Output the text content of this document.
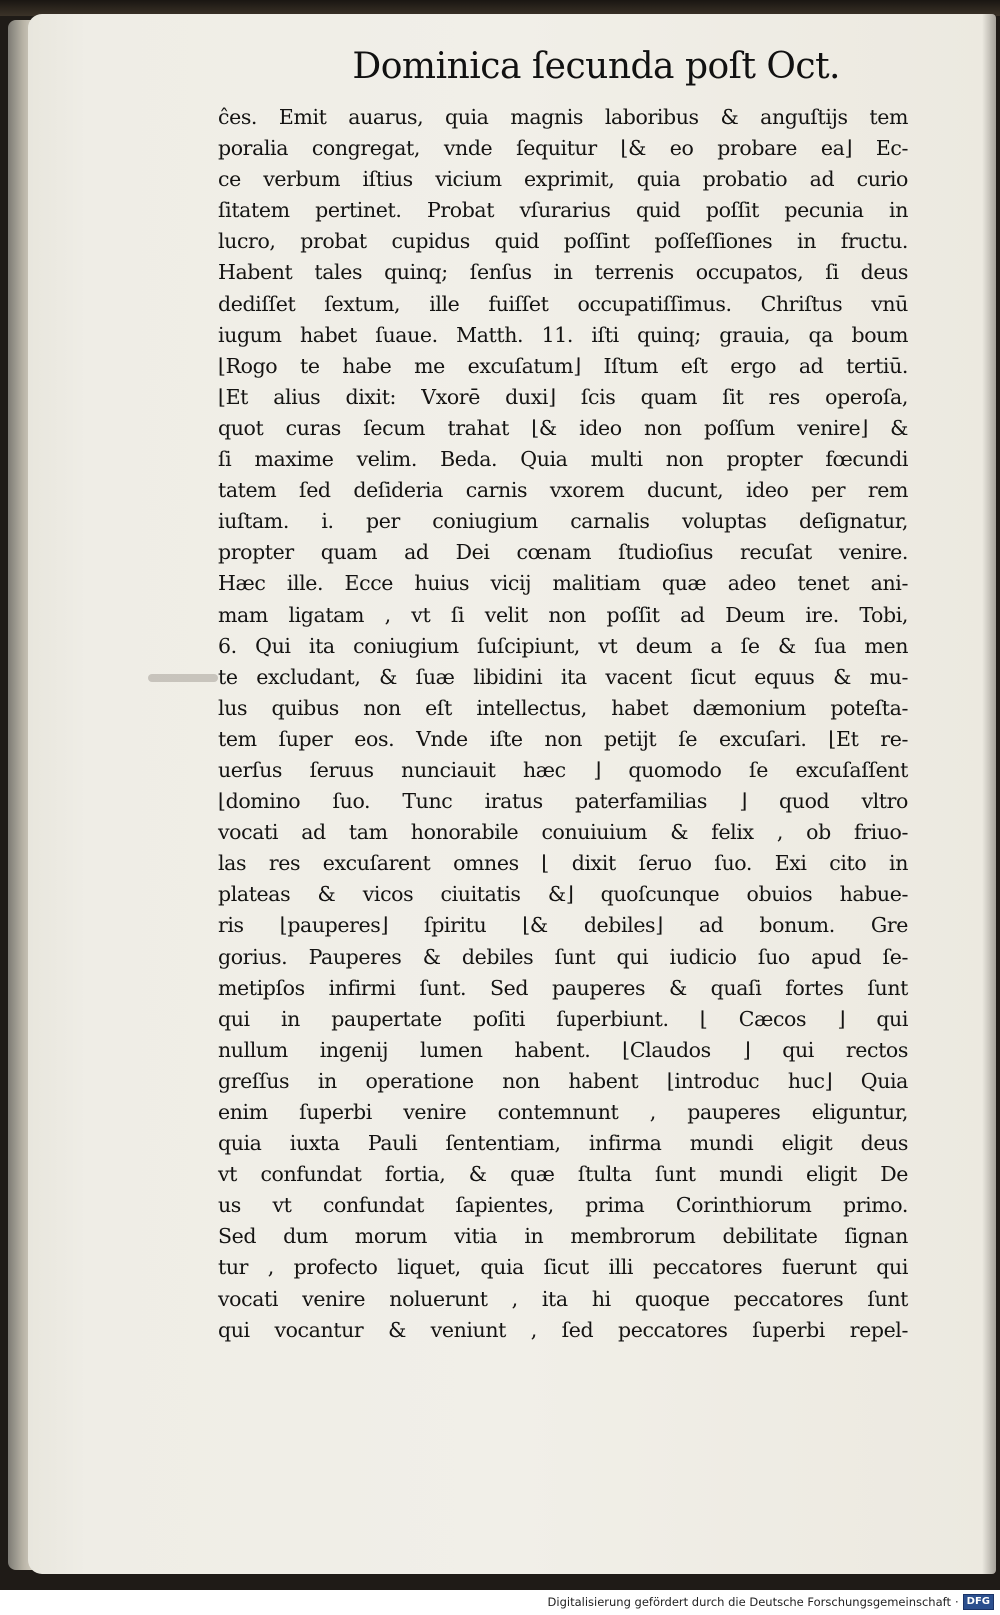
Dominica ſecunda poſt Oct.
ĉes. Emit auarus, quia magnis laboribus & anguſtijs tem
poralia congregat, vnde ſequitur ⌊& eo probare ea⌋ Ec-
ce verbum iſtius vicium exprimit, quia probatio ad curio
ſitatem pertinet. Probat vſurarius quid poſſit pecunia in
lucro, probat cupidus quid poſſint poſſeſſiones in fructu.
Habent tales quinq; ſenſus in terrenis occupatos, ſi deus
dediſſet ſextum, ille fuiſſet occupatiſſimus. Chriſtus vnū
iugum habet ſuaue. Matth. 11. iſti quinq; grauia, qa boum
⌊Rogo te habe me excuſatum⌋ Iſtum eſt ergo ad tertiū.
⌊Et alius dixit: Vxorē duxi⌋ ſcis quam ſit res operoſa,
quot curas ſecum trahat ⌊& ideo non poſſum venire⌋ &
ſi maxime velim. Beda. Quia multi non propter fœcundi
tatem ſed deſideria carnis vxorem ducunt, ideo per rem
iuſtam. i. per coniugium carnalis voluptas deſignatur,
propter quam ad Dei cœnam ſtudioſius recuſat venire.
Hæc ille. Ecce huius vicij malitiam quæ adeo tenet ani-
mam ligatam , vt ſi velit non poſſit ad Deum ire. Tobi,
6. Qui ita coniugium ſuſcipiunt, vt deum a ſe & ſua men
te excludant, & ſuæ libidini ita vacent ſicut equus & mu-
lus quibus non eſt intellectus, habet dæmonium poteſta-
tem ſuper eos. Vnde iſte non petijt ſe excuſari. ⌊Et re-
uerſus ſeruus nunciauit hæc ⌋ quomodo ſe excuſaſſent
⌊domino ſuo. Tunc iratus paterfamilias ⌋ quod vltro
vocati ad tam honorabile conuiuium & felix , ob friuo-
las res excuſarent omnes ⌊ dixit ſeruo ſuo. Exi cito in
plateas & vicos ciuitatis &⌋ quoſcunque obuios habue-
ris ⌊pauperes⌋ ſpiritu ⌊& debiles⌋ ad bonum. Gre
gorius. Pauperes & debiles ſunt qui iudicio ſuo apud ſe-
metipſos infirmi ſunt. Sed pauperes & quaſi fortes ſunt
qui in paupertate poſiti ſuperbiunt. ⌊ Cæcos ⌋ qui
nullum ingenij lumen habent. ⌊Claudos ⌋ qui rectos
greſſus in operatione non habent ⌊introduc huc⌋ Quia
enim ſuperbi venire contemnunt , pauperes eliguntur,
quia iuxta Pauli ſententiam, infirma mundi eligit deus
vt confundat fortia, & quæ ſtulta ſunt mundi eligit De
us vt confundat ſapientes, prima Corinthiorum primo.
Sed dum morum vitia in membrorum debilitate ſignan
tur , profecto liquet, quia ſicut illi peccatores fuerunt qui
vocati venire noluerunt , ita hi quoque peccatores ſunt
qui vocantur & veniunt , ſed peccatores ſuperbi repel-
Digitalisierung gefördert durch die Deutsche Forschungsgemeinschaft · DFG
